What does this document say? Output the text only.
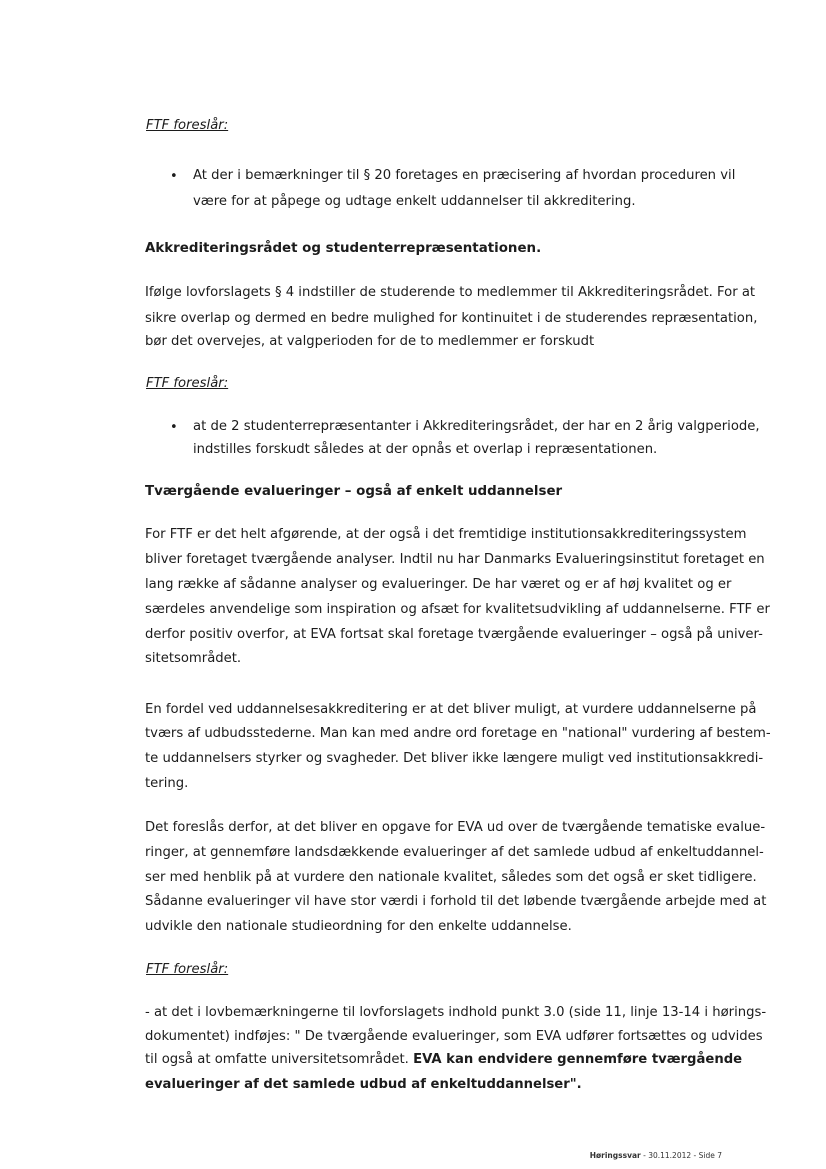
FTF foreslår:
• At der i bemærkninger til § 20 foretages en præcisering af hvordan proceduren vil
være for at påpege og udtage enkelt uddannelser til akkreditering.
Akkrediteringsrådet og studenterrepræsentationen.
Ifølge lovforslagets § 4 indstiller de studerende to medlemmer til Akkrediteringsrådet. For at
sikre overlap og dermed en bedre mulighed for kontinuitet i de studerendes repræsentation,
bør det overvejes, at valgperioden for de to medlemmer er forskudt
FTF foreslår:
• at de 2 studenterrepræsentanter i Akkrediteringsrådet, der har en 2 årig valgperiode,
indstilles forskudt således at der opnås et overlap i repræsentationen.
Tværgående evalueringer – også af enkelt uddannelser
For FTF er det helt afgørende, at der også i det fremtidige institutionsakkrediteringssystem
bliver foretaget tværgående analyser. Indtil nu har Danmarks Evalueringsinstitut foretaget en
lang række af sådanne analyser og evalueringer. De har været og er af høj kvalitet og er
særdeles anvendelige som inspiration og afsæt for kvalitetsudvikling af uddannelserne. FTF er
derfor positiv overfor, at EVA fortsat skal foretage tværgående evalueringer – også på univer-
sitetsområdet.
En fordel ved uddannelsesakkreditering er at det bliver muligt, at vurdere uddannelserne på
tværs af udbudsstederne. Man kan med andre ord foretage en "national" vurdering af bestem-
te uddannelsers styrker og svagheder. Det bliver ikke længere muligt ved institutionsakkredi-
tering.
Det foreslås derfor, at det bliver en opgave for EVA ud over de tværgående tematiske evalue-
ringer, at gennemføre landsdækkende evalueringer af det samlede udbud af enkeltuddannel-
ser med henblik på at vurdere den nationale kvalitet, således som det også er sket tidligere.
Sådanne evalueringer vil have stor værdi i forhold til det løbende tværgående arbejde med at
udvikle den nationale studieordning for den enkelte uddannelse.
FTF foreslår:
- at det i lovbemærkningerne til lovforslagets indhold punkt 3.0 (side 11, linje 13-14 i hørings-
dokumentet) indføjes: " De tværgående evalueringer, som EVA udfører fortsættes og udvides
til også at omfatte universitetsområdet. EVA kan endvidere gennemføre tværgående
evalueringer af det samlede udbud af enkeltuddannelser".
Høringssvar - 30.11.2012 - Side 7
